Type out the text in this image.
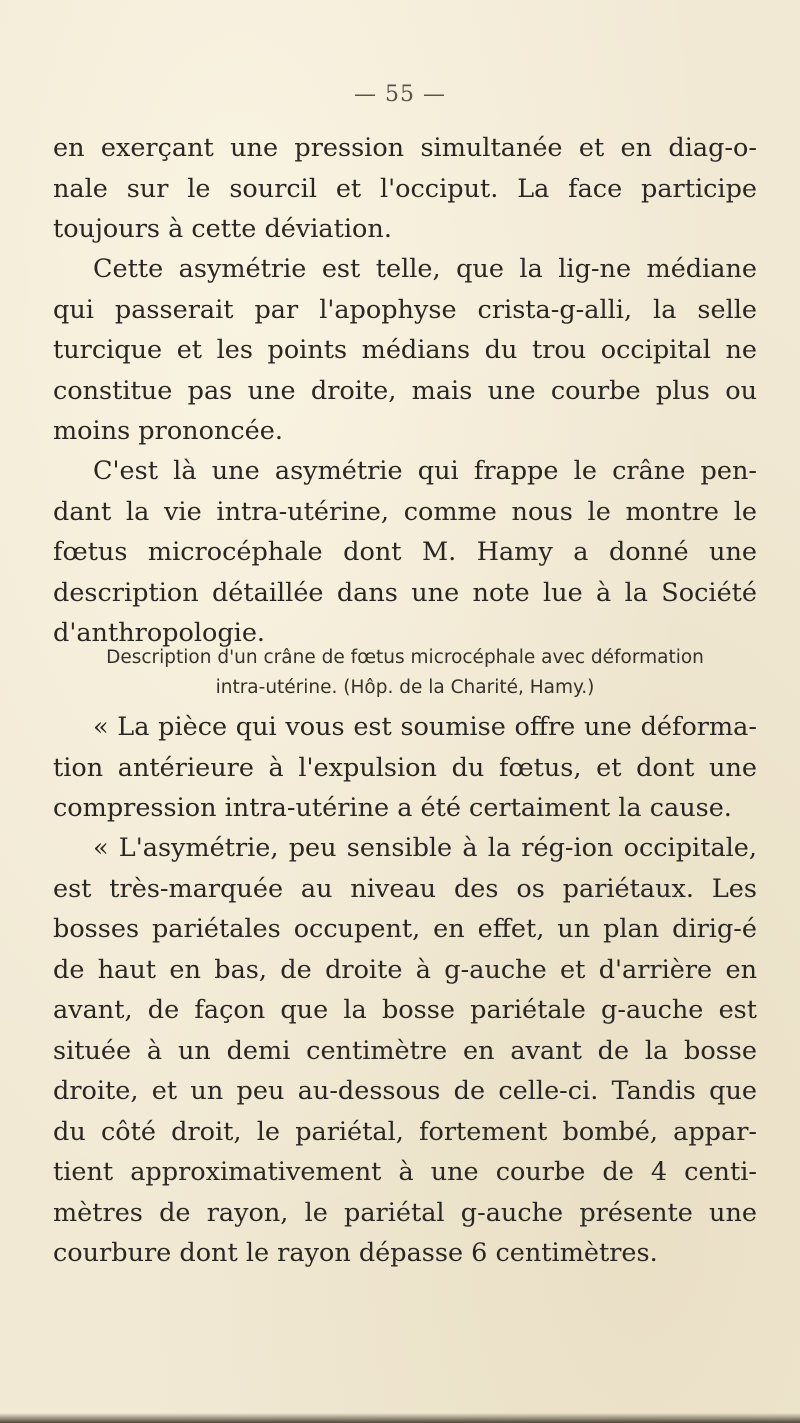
— 55 —
en exerçant une pression simultanée et en diag-o-
nale sur le sourcil et l'occiput. La face participe
toujours à cette déviation.
Cette asymétrie est telle, que la lig-ne médiane
qui passerait par l'apophyse crista-g-alli, la selle
turcique et les points médians du trou occipital ne
constitue pas une droite, mais une courbe plus ou
moins prononcée.
C'est là une asymétrie qui frappe le crâne pen-
dant la vie intra-utérine, comme nous le montre le
fœtus microcéphale dont M. Hamy a donné une
description détaillée dans une note lue à la Société
d'anthropologie.
Description d'un crâne de fœtus microcéphale avec déformation
intra-utérine. (Hôp. de la Charité, Hamy.)
« La pièce qui vous est soumise offre une déforma-
tion antérieure à l'expulsion du fœtus, et dont une
compression intra-utérine a été certaiment la cause.
« L'asymétrie, peu sensible à la rég-ion occipitale,
est très-marquée au niveau des os pariétaux. Les
bosses pariétales occupent, en effet, un plan dirig-é
de haut en bas, de droite à g-auche et d'arrière en
avant, de façon que la bosse pariétale g-auche est
située à un demi centimètre en avant de la bosse
droite, et un peu au-dessous de celle-ci. Tandis que
du côté droit, le pariétal, fortement bombé, appar-
tient approximativement à une courbe de 4 centi-
mètres de rayon, le pariétal g-auche présente une
courbure dont le rayon dépasse 6 centimètres.
